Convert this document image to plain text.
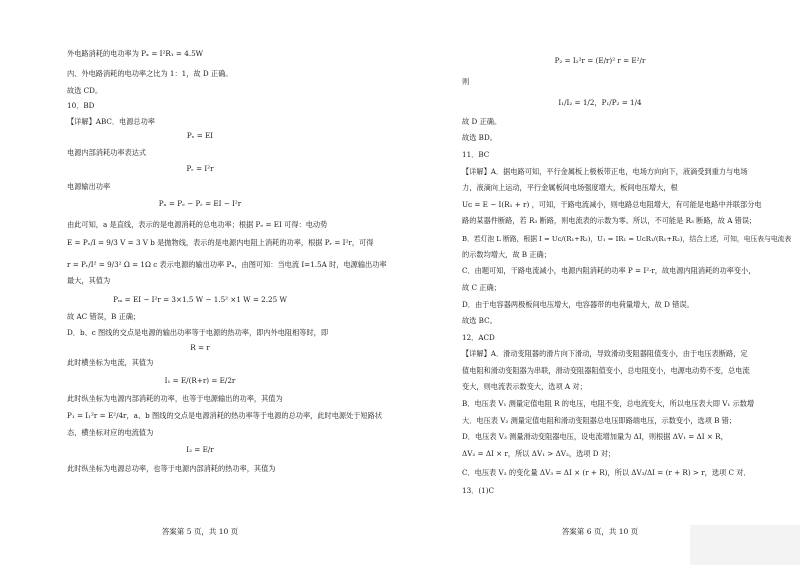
外电路消耗的电功率为 Pₓ = I²R₁ = 4.5W
内、外电路消耗的电功率之比为 1：1，故 D 正确。
故选 CD。
10．BD
【详解】ABC．电源总功率
Pₑ = EI
电源内部消耗功率表达式
Pᵣ = I²r
电源输出功率
Pₓ = Pₑ − Pᵣ = EI − I²r
由此可知，a 是直线，表示的是电源消耗的总电功率；根据 Pₑ = EI 可得：电动势
E = Pₑ/I = 9/3 V = 3 V b 是抛物线，表示的是电源内电阻上消耗的功率，根据 Pᵣ = I²r，可得
r = Pᵣ/I² = 9/3² Ω = 1Ω c 表示电源的输出功率 Pₓ，由图可知：当电流 I=1.5A 时，电源输出功率
最大，其值为
Pₘ = EI − I²r = 3×1.5 W − 1.5² ×1 W = 2.25 W
故 AC 错误，B 正确；
D．b、c 图线的交点是电源的输出功率等于电源的热功率，即内外电阻相等时，即
R = r
此时横坐标为电流，其值为
I₁ = E/(R+r) = E/2r
此时纵坐标为电源内部消耗的功率，也等于电源输出的功率，其值为
P₁ = I₁²r = E²/4r，a、b 图线的交点是电源消耗的热功率等于电源的总功率，此时电源处于短路状
态，横坐标对应的电流值为
I₂ = E/r
此时纵坐标为电源总功率，也等于电源内部消耗的热功率，其值为
答案第 5 页，共 10 页
P₂ = I₂²r = (E/r)² r = E²/r
则
I₁/I₂ = 1/2，P₁/P₂ = 1/4
故 D 正确。
故选 BD。
11．BC
【详解】A．据电路可知，平行金属板上极板带正电，电场方向向下，液滴受到重力与电场
力，液滴向上运动，平行金属板间电场强度增大，板间电压增大，根
Uᴄ = E − I(R₁ + r) ，可知，干路电流减小，则电路总电阻增大，有可能是电路中并联部分电
路的某器件断路，若 R₃ 断路，则电流表的示数为零。所以，不可能是 R₃ 断路，故 A 错误；
B．若灯泡 L 断路，根据 I = Uᴄ/(R₁+R₂)，U₁ = IR₁ = UᴄR₁/(R₁+R₂)，结合上述，可知，电压表与电流表
的示数均增大，故 B 正确；
C．由题可知，干路电流减小，电源内阻消耗的功率 P = I²·r，故电源内阻消耗的功率变小，
故 C 正确；
D．由于电容器两极板间电压增大，电容器带的电荷量增大，故 D 错误。
故选 BC。
12．ACD
【详解】A．滑动变阻器的滑片向下滑动，导致滑动变阻器阻值变小，由于电压表断路，定
值电阻和滑动变阻器为串联，滑动变阻器阻值变小，总电阻变小，电源电动势不变，总电流
变大，则电流表示数变大，选项 A 对；
B．电压表 V₁ 测量定值电阻 R 的电压，电阻不变，总电流变大，所以电压表大即 V₁ 示数增
大．电压表 V₂ 测量定值电阻和滑动变阻器总电压即路端电压，示数变小，选项 B 错；
D．电压表 V₃ 测量滑动变阻器电压，设电流增加量为 ΔI，则根据 ΔV₁ = ΔI × R，
ΔV₂ = ΔI × r，所以 ΔV₁ > ΔV₂，选项 D 对；
C．电压表 V₃ 的变化量 ΔV₃ = ΔI × (r + R)，所以 ΔV₃/ΔI = (r + R) > r，选项 C 对．
13．(1)C
答案第 6 页，共 10 页
